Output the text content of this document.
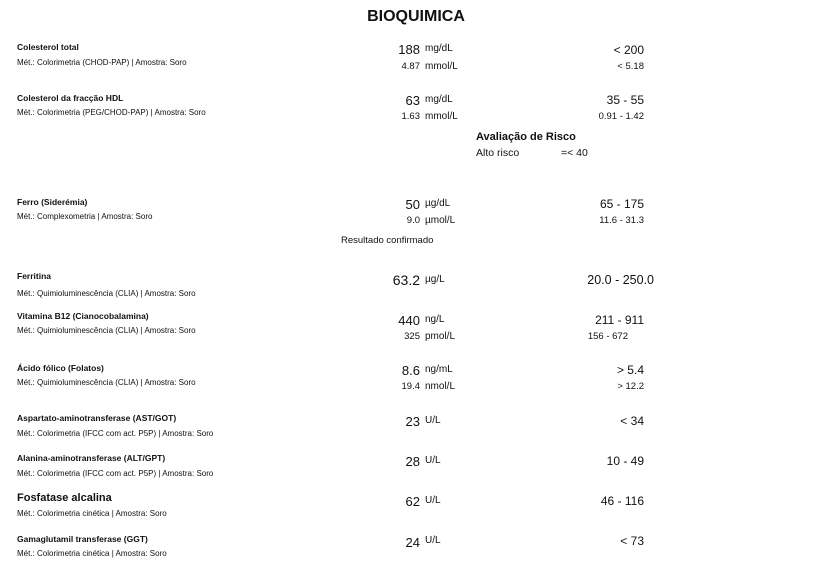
BIOQUIMICA
Colesterol total
Mét.: Colorimetria (CHOD-PAP) | Amostra: Soro
188 mg/dL	< 200
4.87 mmol/L	< 5.18
Colesterol da fracção HDL
Mét.: Colorimetria (PEG/CHOD-PAP) | Amostra: Soro
63 mg/dL	35 - 55
1.63 mmol/L	0.91 - 1.42
Avaliação de Risco
Alto risco	=< 40
Ferro (Siderémia)
Mét.: Complexometria | Amostra: Soro
50 µg/dL	65 - 175
9.0 µmol/L	11.6 - 31.3
Resultado confirmado
Ferritina
Mét.: Quimioluminescência (CLIA) | Amostra: Soro
63.2 µg/L	20.0 - 250.0
Vitamina B12 (Cianocobalamina)
Mét.: Quimioluminescência (CLIA) | Amostra: Soro
440 ng/L	211 - 911
325 pmol/L	156 - 672
Ácido fólico (Folatos)
Mét.: Quimioluminescência (CLIA) | Amostra: Soro
8.6 ng/mL	> 5.4
19.4 nmol/L	> 12.2
Aspartato-aminotransferase (AST/GOT)
Mét.: Colorimetria (IFCC com act. P5P) | Amostra: Soro
23 U/L	< 34
Alanina-aminotransferase (ALT/GPT)
Mét.: Colorimetria (IFCC com act. P5P) | Amostra: Soro
28 U/L	10 - 49
Fosfatase alcalina
Mét.: Colorimetria cinética | Amostra: Soro
62 U/L	46 - 116
Gamaglutamil transferase (GGT)
Mét.: Colorimetria cinética | Amostra: Soro
24 U/L	< 73
